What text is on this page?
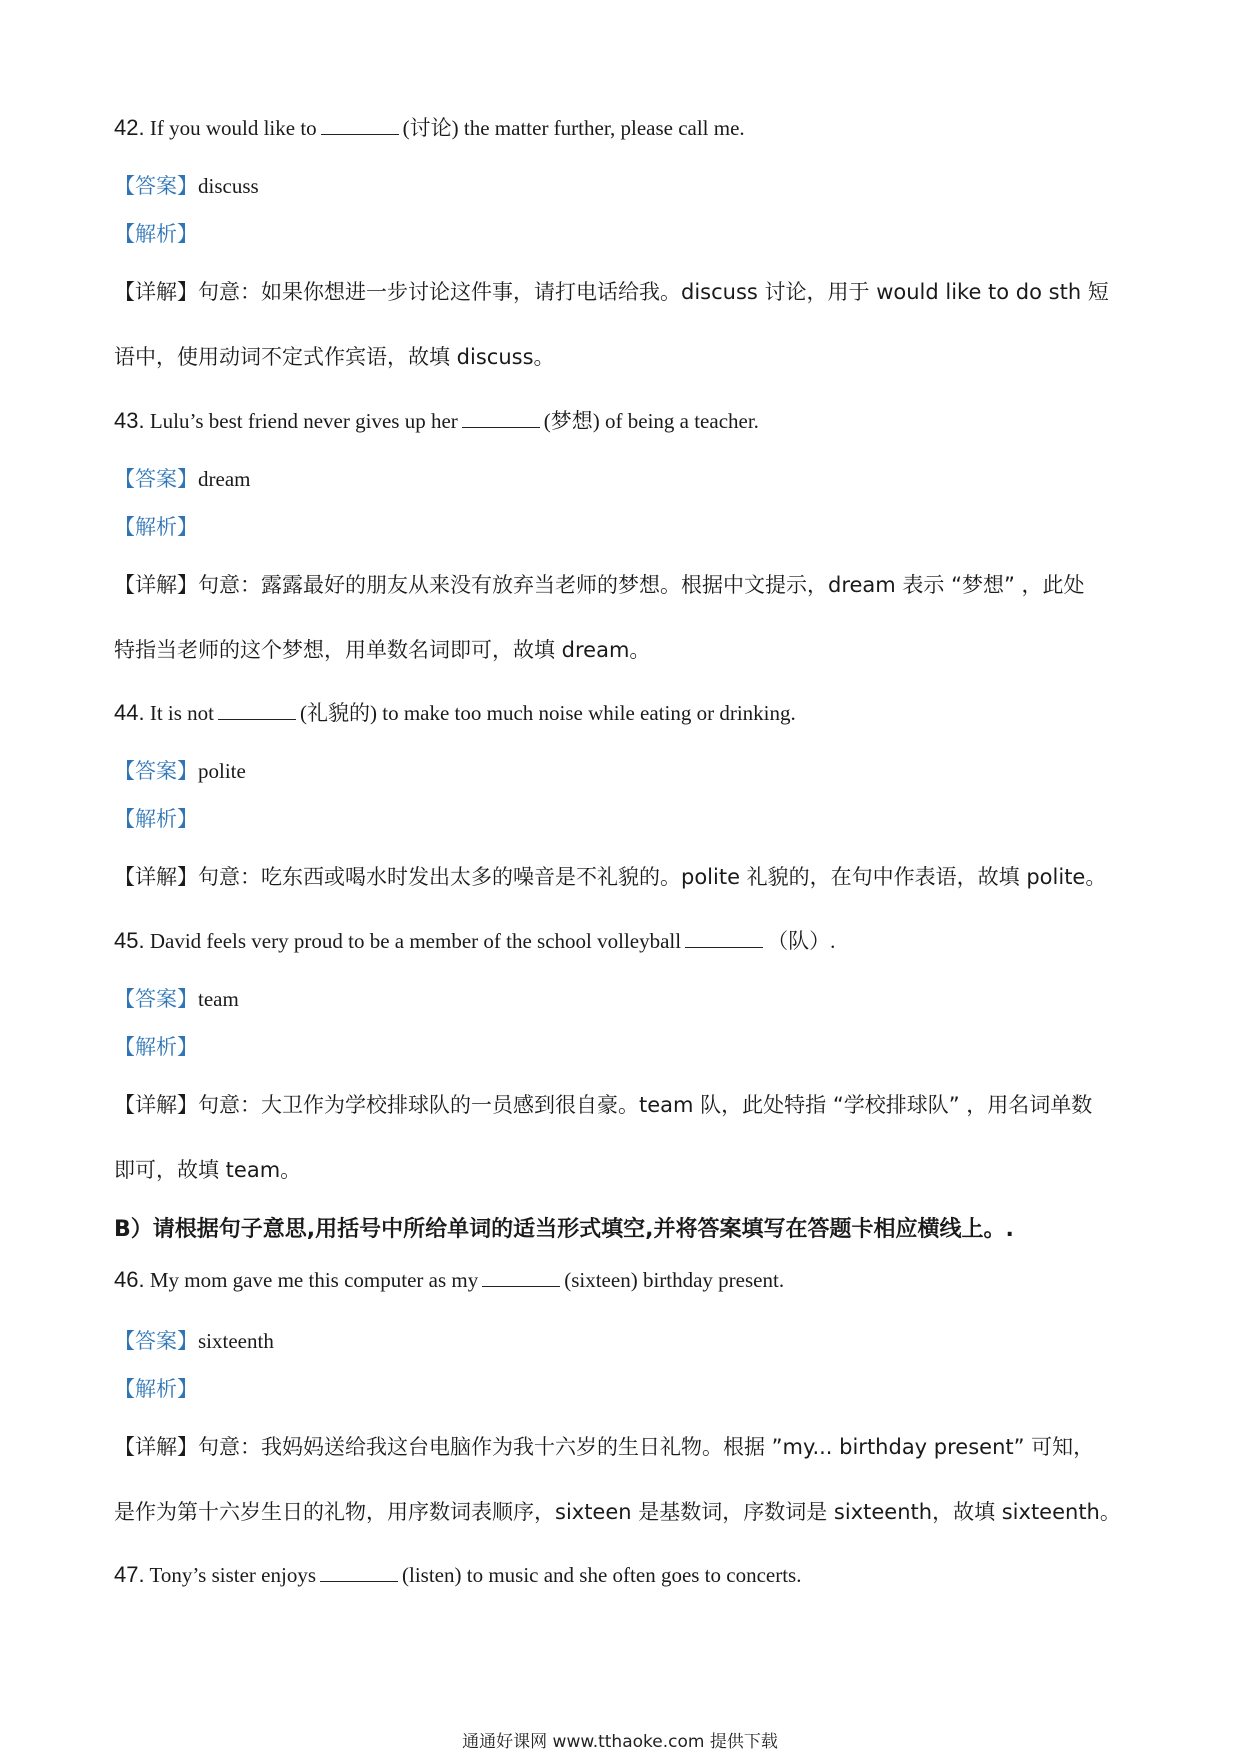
42. If you would like to	(讨论) the matter further, please call me.
【答案】discuss
【解析】
【详解】句意：如果你想进一步讨论这件事，请打电话给我。discuss 讨论，用于 would like to do sth 短
语中，使用动词不定式作宾语，故填 discuss。
43. Lulu’s best friend never gives up her	(梦想) of being a teacher.
【答案】dream
【解析】
【详解】句意：露露最好的朋友从来没有放弃当老师的梦想。根据中文提示，dream 表示 “梦想” ，此处
特指当老师的这个梦想，用单数名词即可，故填 dream。
44. It is not	(礼貌的) to make too much noise while eating or drinking.
【答案】polite
【解析】
【详解】句意：吃东西或喝水时发出太多的噪音是不礼貌的。polite 礼貌的，在句中作表语，故填 polite。
45. David feels very proud to be a member of the school volleyball	（队）.
【答案】team
【解析】
【详解】句意：大卫作为学校排球队的一员感到很自豪。team 队，此处特指 “学校排球队” ，用名词单数
即可，故填 team。
B）请根据句子意思,用括号中所给单词的适当形式填空,并将答案填写在答题卡相应横线上。.
46. My mom gave me this computer as my	(sixteen) birthday present.
【答案】sixteenth
【解析】
【详解】句意：我妈妈送给我这台电脑作为我十六岁的生日礼物。根据 ”my... birthday present” 可知，
是作为第十六岁生日的礼物，用序数词表顺序，sixteen 是基数词，序数词是 sixteenth，故填 sixteenth。
47. Tony’s sister enjoys	(listen) to music and she often goes to concerts.
通通好课网 www.tthaoke.com 提供下载
